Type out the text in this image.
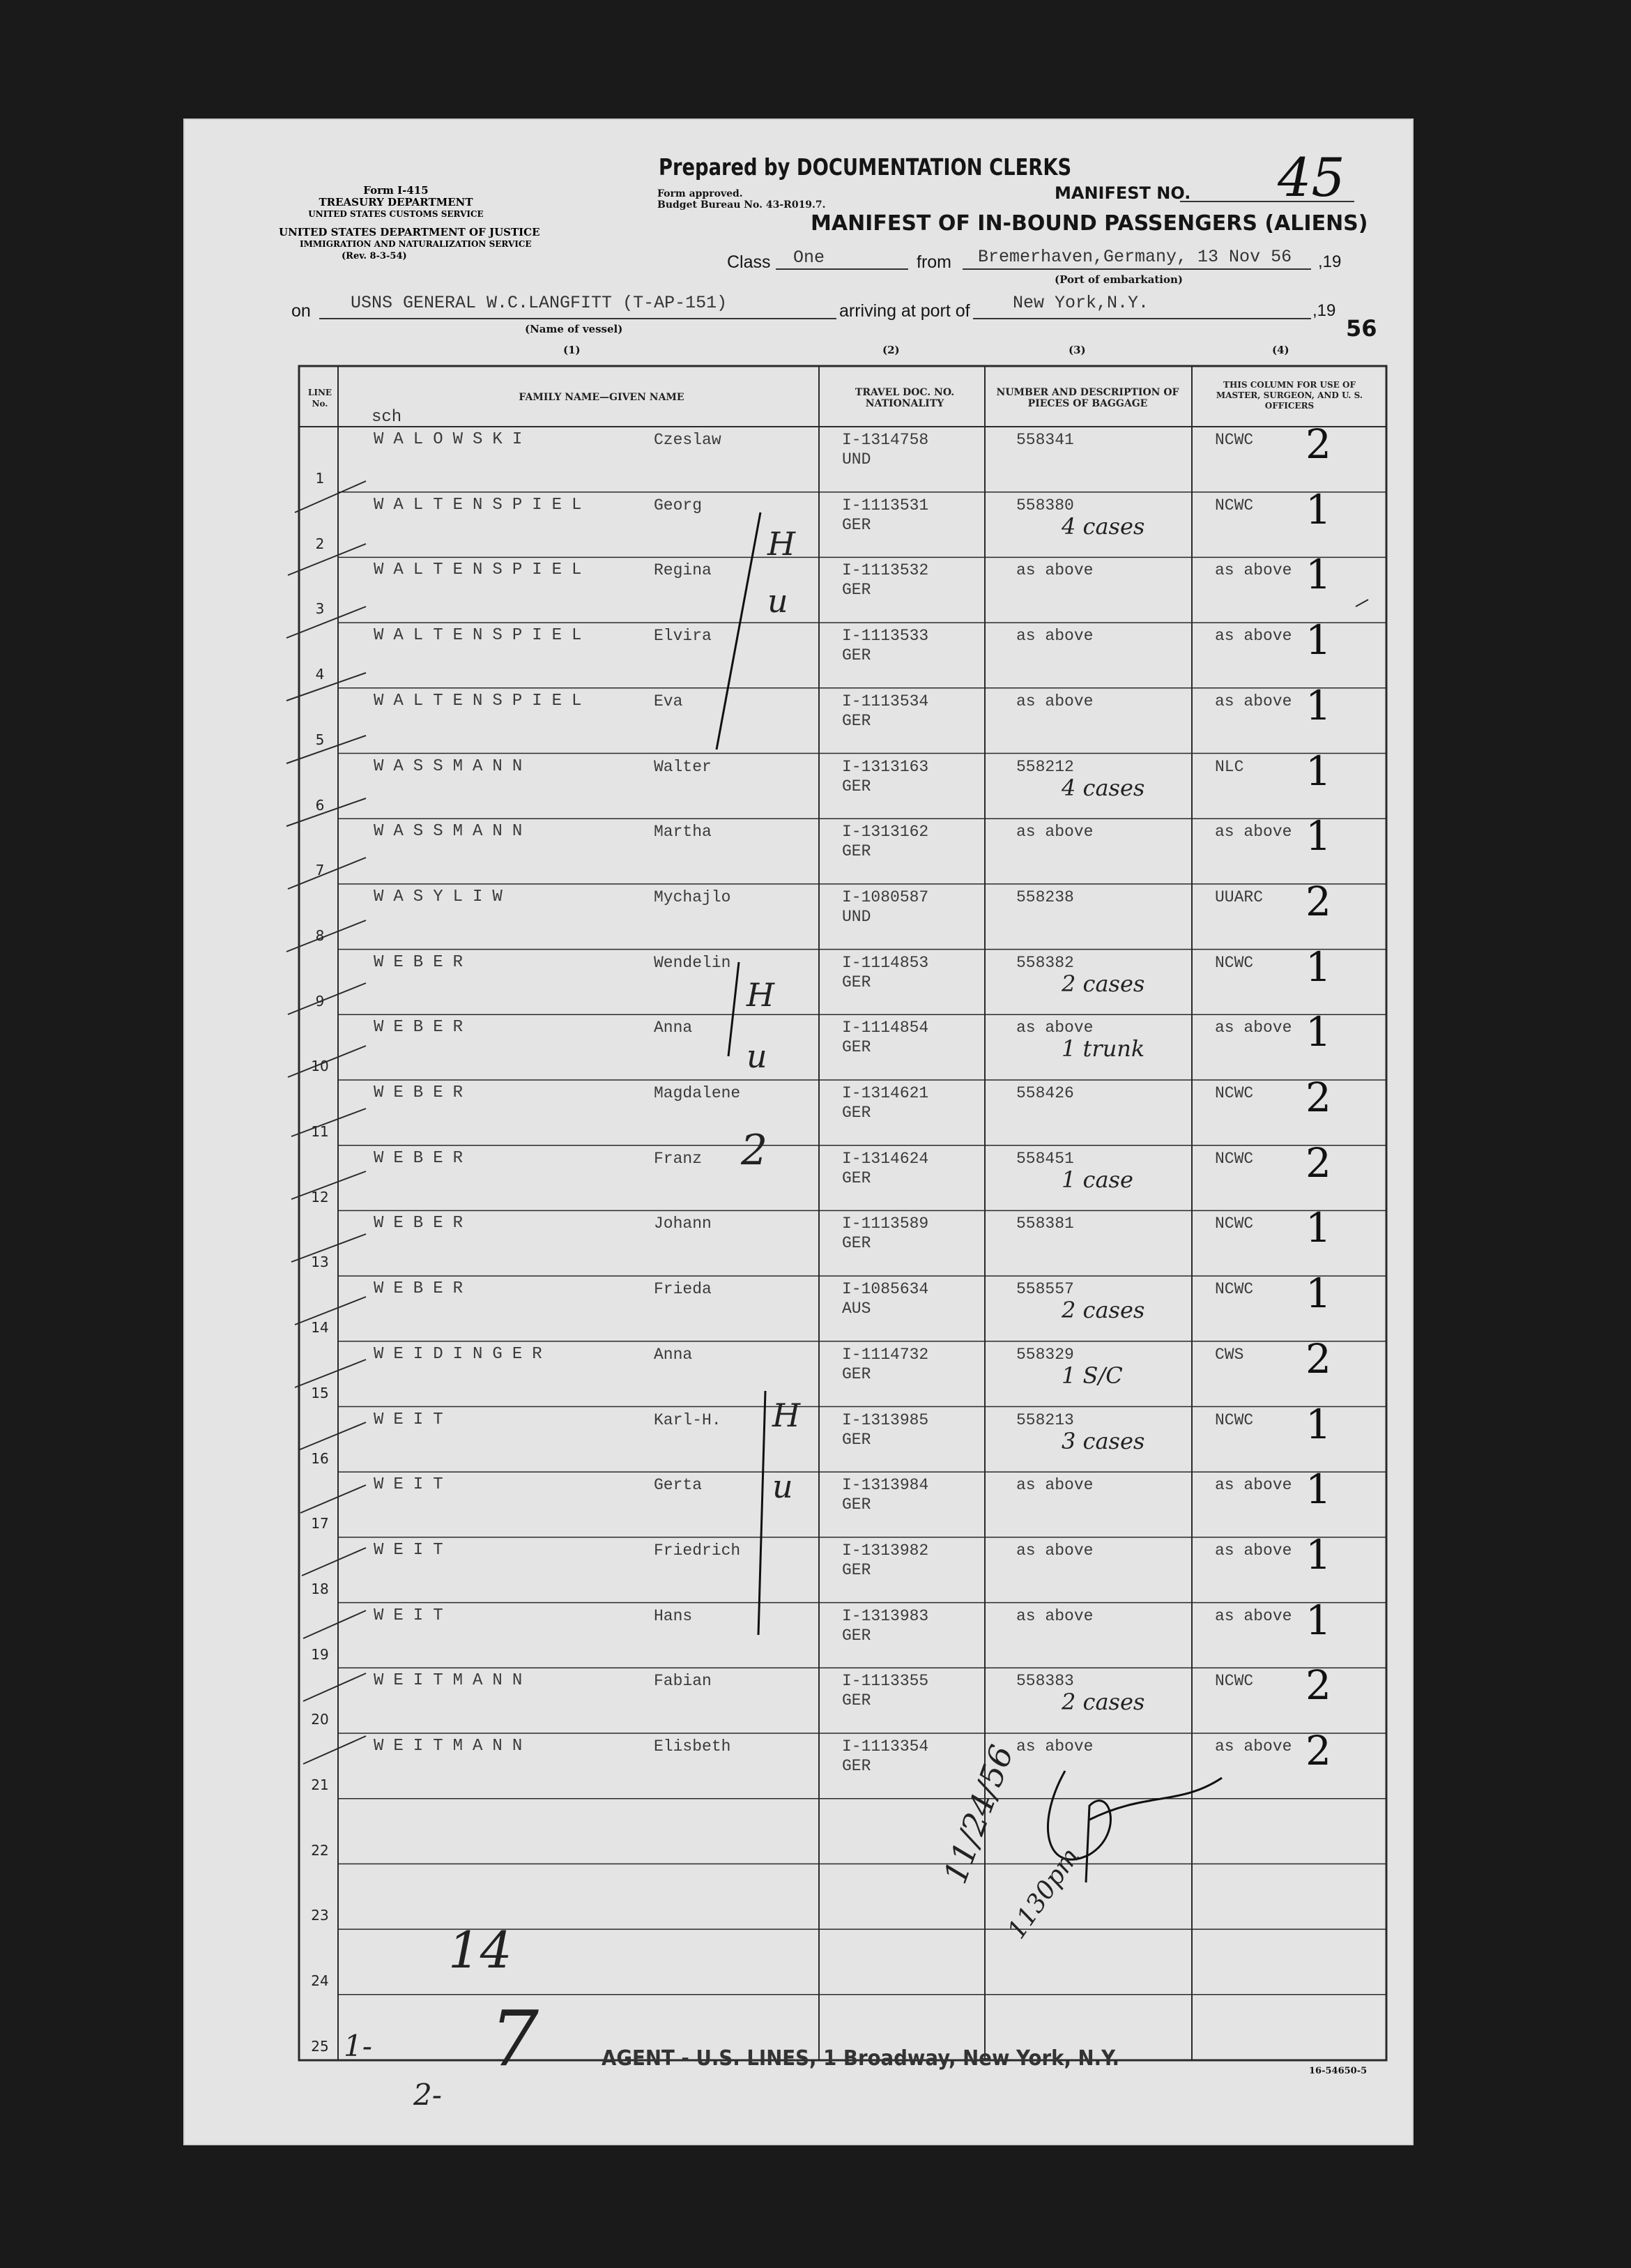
Prepared by DOCUMENTATION CLERKS
Form I-415
TREASURY DEPARTMENT
UNITED STATES CUSTOMS SERVICE
UNITED STATES DEPARTMENT OF JUSTICE
IMMIGRATION AND NATURALIZATION SERVICE
(Rev. 8-3-54)
Form approved.
Budget Bureau No. 43-R019.7.
MANIFEST NO. 45
MANIFEST OF IN-BOUND PASSENGERS (ALIENS)
Class One	from Bremerhaven,Germany, 13 Nov 56 ,19
(Port of embarkation)
on USNS GENERAL W.C.LANGFITT (T-AP-151)
(Name of vessel)
arriving at port of New York,N.Y.	,19
56
(1)	(2)	(3)	(4)
LINE No.
FAMILY NAME—GIVEN NAME	TRAVEL DOC. NO. NATIONALITY
NUMBER AND DESCRIPTION OF PIECES OF BAGGAGE
THIS COLUMN FOR USE OF MASTER, SURGEON, AND U. S. OFFICERS
sch
1
WALOWSKI	Czeslaw	I-1314758
UND
558341	NCWC 2
2
WALTENSPIEL	Georg	I-1113531
GER
558380
4 cases
NCWC 1
3
WALTENSPIEL	Regina	I-1113532
GER
as above	as above 1
4
WALTENSPIEL	Elvira	I-1113533
GER
as above	as above 1
5
WALTENSPIEL	Eva	I-1113534
GER
as above	as above 1
6
WASSMANN	Walter	I-1313163
GER
558212
4 cases
NLC 1
7
WASSMANN	Martha	I-1313162
GER
as above	as above 1
8
WASYLIW	Mychajlo	I-1080587
UND
558238	UUARC 2
9
WEBER	Wendelin	I-1114853
GER
558382
2 cases
NCWC 1
10
WEBER	Anna	I-1114854
GER
as above
1 trunk
as above 1
11
WEBER	Magdalene	I-1314621
GER
558426	NCWC 2
12
WEBER	Franz	I-1314624
GER
558451
1 case
NCWC 2
13
WEBER	Johann	I-1113589
GER
558381	NCWC 1
14
WEBER	Frieda	I-1085634
AUS
558557
2 cases
NCWC 1
15
WEIDINGER	Anna	I-1114732
GER
558329
1 S/C
CWS 2
16
WEIT	Karl-H.	I-1313985
GER
558213
3 cases
NCWC 1
17
WEIT	Gerta	I-1313984
GER
as above	as above 1
18
WEIT	Friedrich	I-1313982
GER
as above	as above 1
19
WEIT	Hans	I-1313983
GER
as above	as above 1
20
WEITMANN	Fabian	I-1113355
GER
558383
2 cases
NCWC 2
21
WEITMANN	Elisbeth	I-1113354
GER
as above	as above 2
22
23
24
25
H
u
H
u
H
u
2
1-
14
2-
7
11/24/56
1130pm
AGENT - U.S. LINES, 1 Broadway, New York, N.Y.
16-54650-5
